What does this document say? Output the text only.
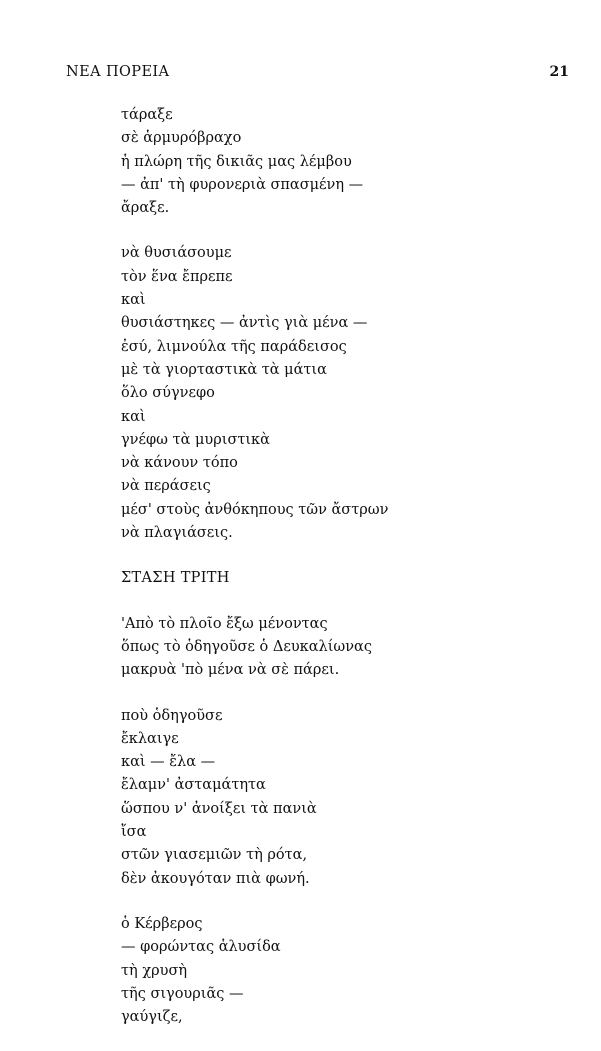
ΝΕΑ ΠΟΡΕΙΑ	21
τάραξε
σὲ ἁρμυρόβραχο
ἡ πλώρη τῆς δικιᾶς μας λέμβου
— ἀπ' τὴ φυρονεριὰ σπασμένη —
ἄραξε.
νὰ θυσιάσουμε
τὸν ἕνα ἔπρεπε
καὶ
θυσιάστηκες — ἀντὶς γιὰ μένα —
ἐσύ, λιμνούλα τῆς παράδεισος
μὲ τὰ γιορταστικὰ τὰ μάτια
ὅλο σύγνεφο
καὶ
γνέφω τὰ μυριστικὰ
νὰ κάνουν τόπο
νὰ περάσεις
μέσ' στοὺς ἀνθόκηπους τῶν ἄστρων
νὰ πλαγιάσεις.
ΣΤΑΣΗ ΤΡΙΤΗ
'Απὸ τὸ πλοῖο ἔξω μένοντας
ὅπως τὸ ὁδηγοῦσε ὁ Δευκαλίωνας
μακρυὰ 'πὸ μένα νὰ σὲ πάρει.
ποὺ ὁδηγοῦσε
ἔκλαιγε
καὶ — ἔλα —
ἔλαμν' ἀσταμάτητα
ὥσπου ν' ἀνοίξει τὰ πανιὰ
ἴσα
στῶν γιασεμιῶν τὴ ρότα,
δὲν ἀκουγόταν πιὰ φωνή.
ὁ Κέρβερος
— φορώντας ἁλυσίδα
τὴ χρυσὴ
τῆς σιγουριᾶς —
γαύγιζε,
